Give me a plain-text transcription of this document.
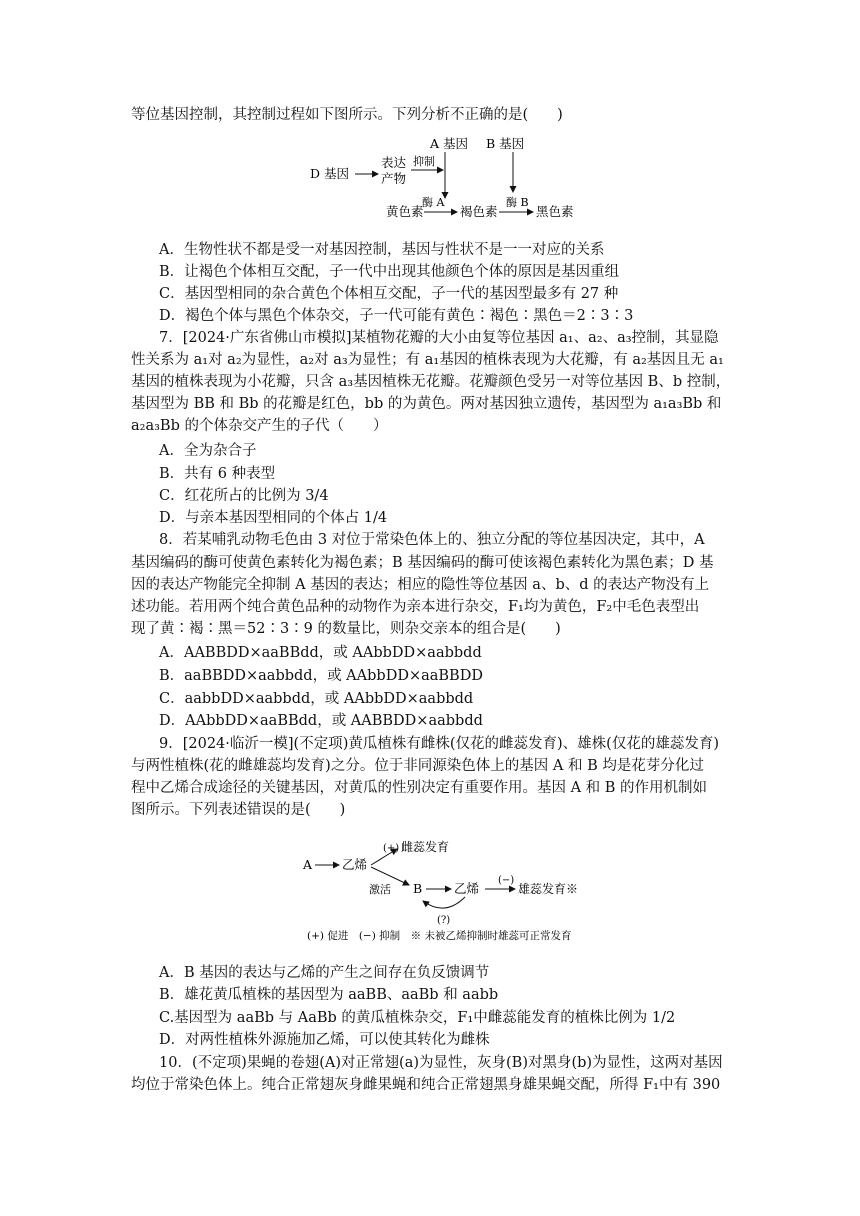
等位基因控制，其控制过程如下图所示。下列分析不正确的是(　　)
A 基因 B 基因
D 基因
表达
产物
抑制
黄色素
酶 A
褐色素
酶 B
黑色素
A．生物性状不都是受一对基因控制，基因与性状不是一一对应的关系
B．让褐色个体相互交配，子一代中出现其他颜色个体的原因是基因重组
C．基因型相同的杂合黄色个体相互交配，子一代的基因型最多有 27 种
D．褐色个体与黑色个体杂交，子一代可能有黄色∶褐色∶黑色＝2∶3∶3
7．[2024·广东省佛山市模拟]某植物花瓣的大小由复等位基因 a₁、a₂、a₃控制，其显隐
性关系为 a₁对 a₂为显性，a₂对 a₃为显性；有 a₁基因的植株表现为大花瓣，有 a₂基因且无 a₁
基因的植株表现为小花瓣，只含 a₃基因植株无花瓣。花瓣颜色受另一对等位基因 B、b 控制，
基因型为 BB 和 Bb 的花瓣是红色，bb 的为黄色。两对基因独立遗传，基因型为 a₁a₃Bb 和
a₂a₃Bb 的个体杂交产生的子代（　　）
A．全为杂合子
B．共有 6 种表型
C．红花所占的比例为 3/4
D．与亲本基因型相同的个体占 1/4
8．若某哺乳动物毛色由 3 对位于常染色体上的、独立分配的等位基因决定，其中，A
基因编码的酶可使黄色素转化为褐色素；B 基因编码的酶可使该褐色素转化为黑色素；D 基
因的表达产物能完全抑制 A 基因的表达；相应的隐性等位基因 a、b、d 的表达产物没有上
述功能。若用两个纯合黄色品种的动物作为亲本进行杂交，F₁均为黄色，F₂中毛色表型出
现了黄∶褐∶黑＝52∶3∶9 的数量比，则杂交亲本的组合是(　　)
A．AABBDD×aaBBdd，或 AAbbDD×aabbdd
B．aaBBDD×aabbdd，或 AAbbDD×aaBBDD
C．aabbDD×aabbdd，或 AAbbDD×aabbdd
D．AAbbDD×aaBBdd，或 AABBDD×aabbdd
9．[2024·临沂一模](不定项)黄瓜植株有雌株(仅花的雌蕊发育)、雄株(仅花的雄蕊发育)
与两性植株(花的雌雄蕊均发育)之分。位于非同源染色体上的基因 A 和 B 均是花芽分化过
程中乙烯合成途径的关键基因，对黄瓜的性别决定有重要作用。基因 A 和 B 的作用机制如
图所示。下列表述错误的是(　　)
A 乙烯
(+) 雌蕊发育
激活 B	乙烯
(−)
雄蕊发育※
(?)
(+) 促进　(−) 抑制　※ 未被乙烯抑制时雄蕊可正常发育
A．B 基因的表达与乙烯的产生之间存在负反馈调节
B．雄花黄瓜植株的基因型为 aaBB、aaBb 和 aabb
C.基因型为 aaBb 与 AaBb 的黄瓜植株杂交，F₁中雌蕊能发育的植株比例为 1/2
D．对两性植株外源施加乙烯，可以使其转化为雌株
10．(不定项)果蝇的卷翅(A)对正常翅(a)为显性，灰身(B)对黑身(b)为显性，这两对基因
均位于常染色体上。纯合正常翅灰身雌果蝇和纯合正常翅黑身雄果蝇交配，所得 F₁中有 390
